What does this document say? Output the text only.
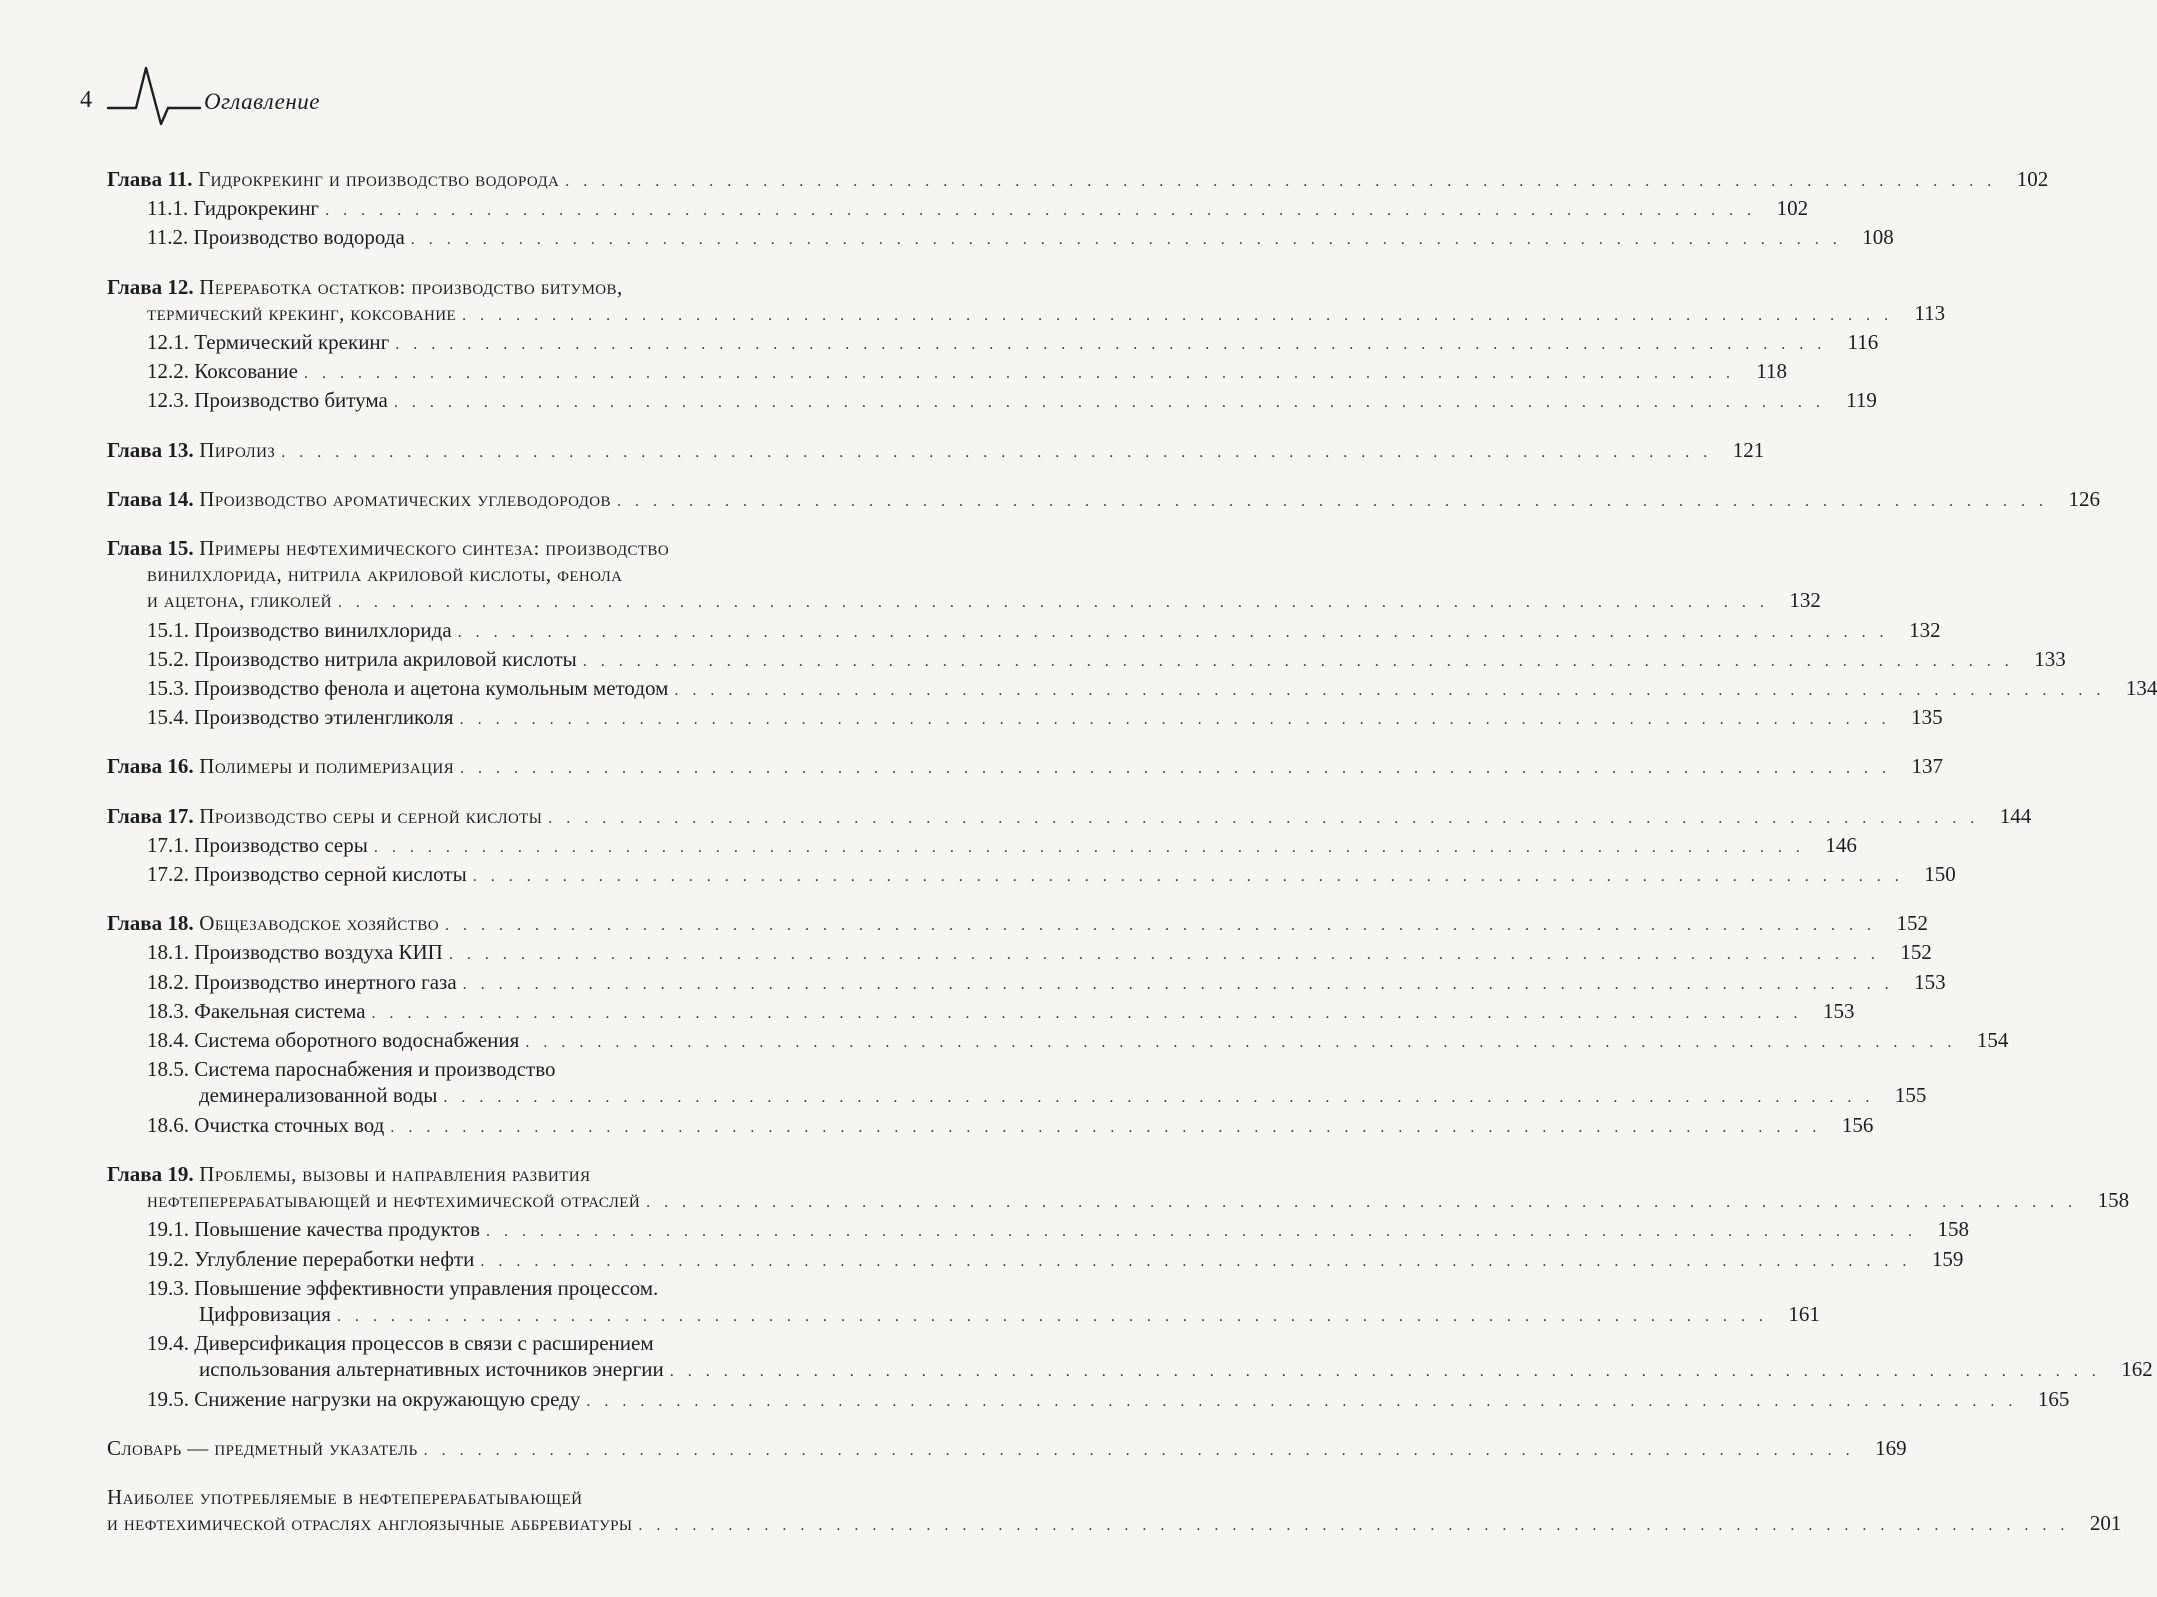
4	Оглавление
Глава 11. Гидрокрекинг и производство водорода . . .	102
11.1. Гидрокрекинг . . .	102
11.2. Производство водорода . . .	108
Глава 12. Переработка остатков: производство битумов,
термический крекинг, коксование . . .	113
12.1. Термический крекинг . . .	116
12.2. Коксование . . .	118
12.3. Производство битума . . .	119
Глава 13. Пиролиз . . .	121
Глава 14. Производство ароматических углеводородов . . .	126
Глава 15. Примеры нефтехимического синтеза: производство
винилхлорида, нитрила акриловой кислоты, фенола
и ацетона, гликолей . . .	132
15.1. Производство винилхлорида . . .	132
15.2. Производство нитрила акриловой кислоты . . .	133
15.3. Производство фенола и ацетона кумольным методом . . .	134
15.4. Производство этиленгликоля . . .	135
Глава 16. Полимеры и полимеризация . . .	137
Глава 17. Производство серы и серной кислоты . . .	144
17.1. Производство серы . . .	146
17.2. Производство серной кислоты . . .	150
Глава 18. Общезаводское хозяйство . . .	152
18.1. Производство воздуха КИП . . .	152
18.2. Производство инертного газа . . .	153
18.3. Факельная система . . .	153
18.4. Система оборотного водоснабжения . . .	154
18.5. Система пароснабжения и производство
деминерализованной воды . . .	155
18.6. Очистка сточных вод . . .	156
Глава 19. Проблемы, вызовы и направления развития
нефтеперерабатывающей и нефтехимической отраслей . . .	158
19.1. Повышение качества продуктов . . .	158
19.2. Углубление переработки нефти . . .	159
19.3. Повышение эффективности управления процессом.
Цифровизация . . .	161
19.4. Диверсификация процессов в связи с расширением
использования альтернативных источников энергии . . .	162
19.5. Снижение нагрузки на окружающую среду . . .	165
Словарь — предметный указатель . . .	169
Наиболее употребляемые в нефтеперерабатывающей
и нефтехимической отраслях англоязычные аббревиатуры . . .	201
